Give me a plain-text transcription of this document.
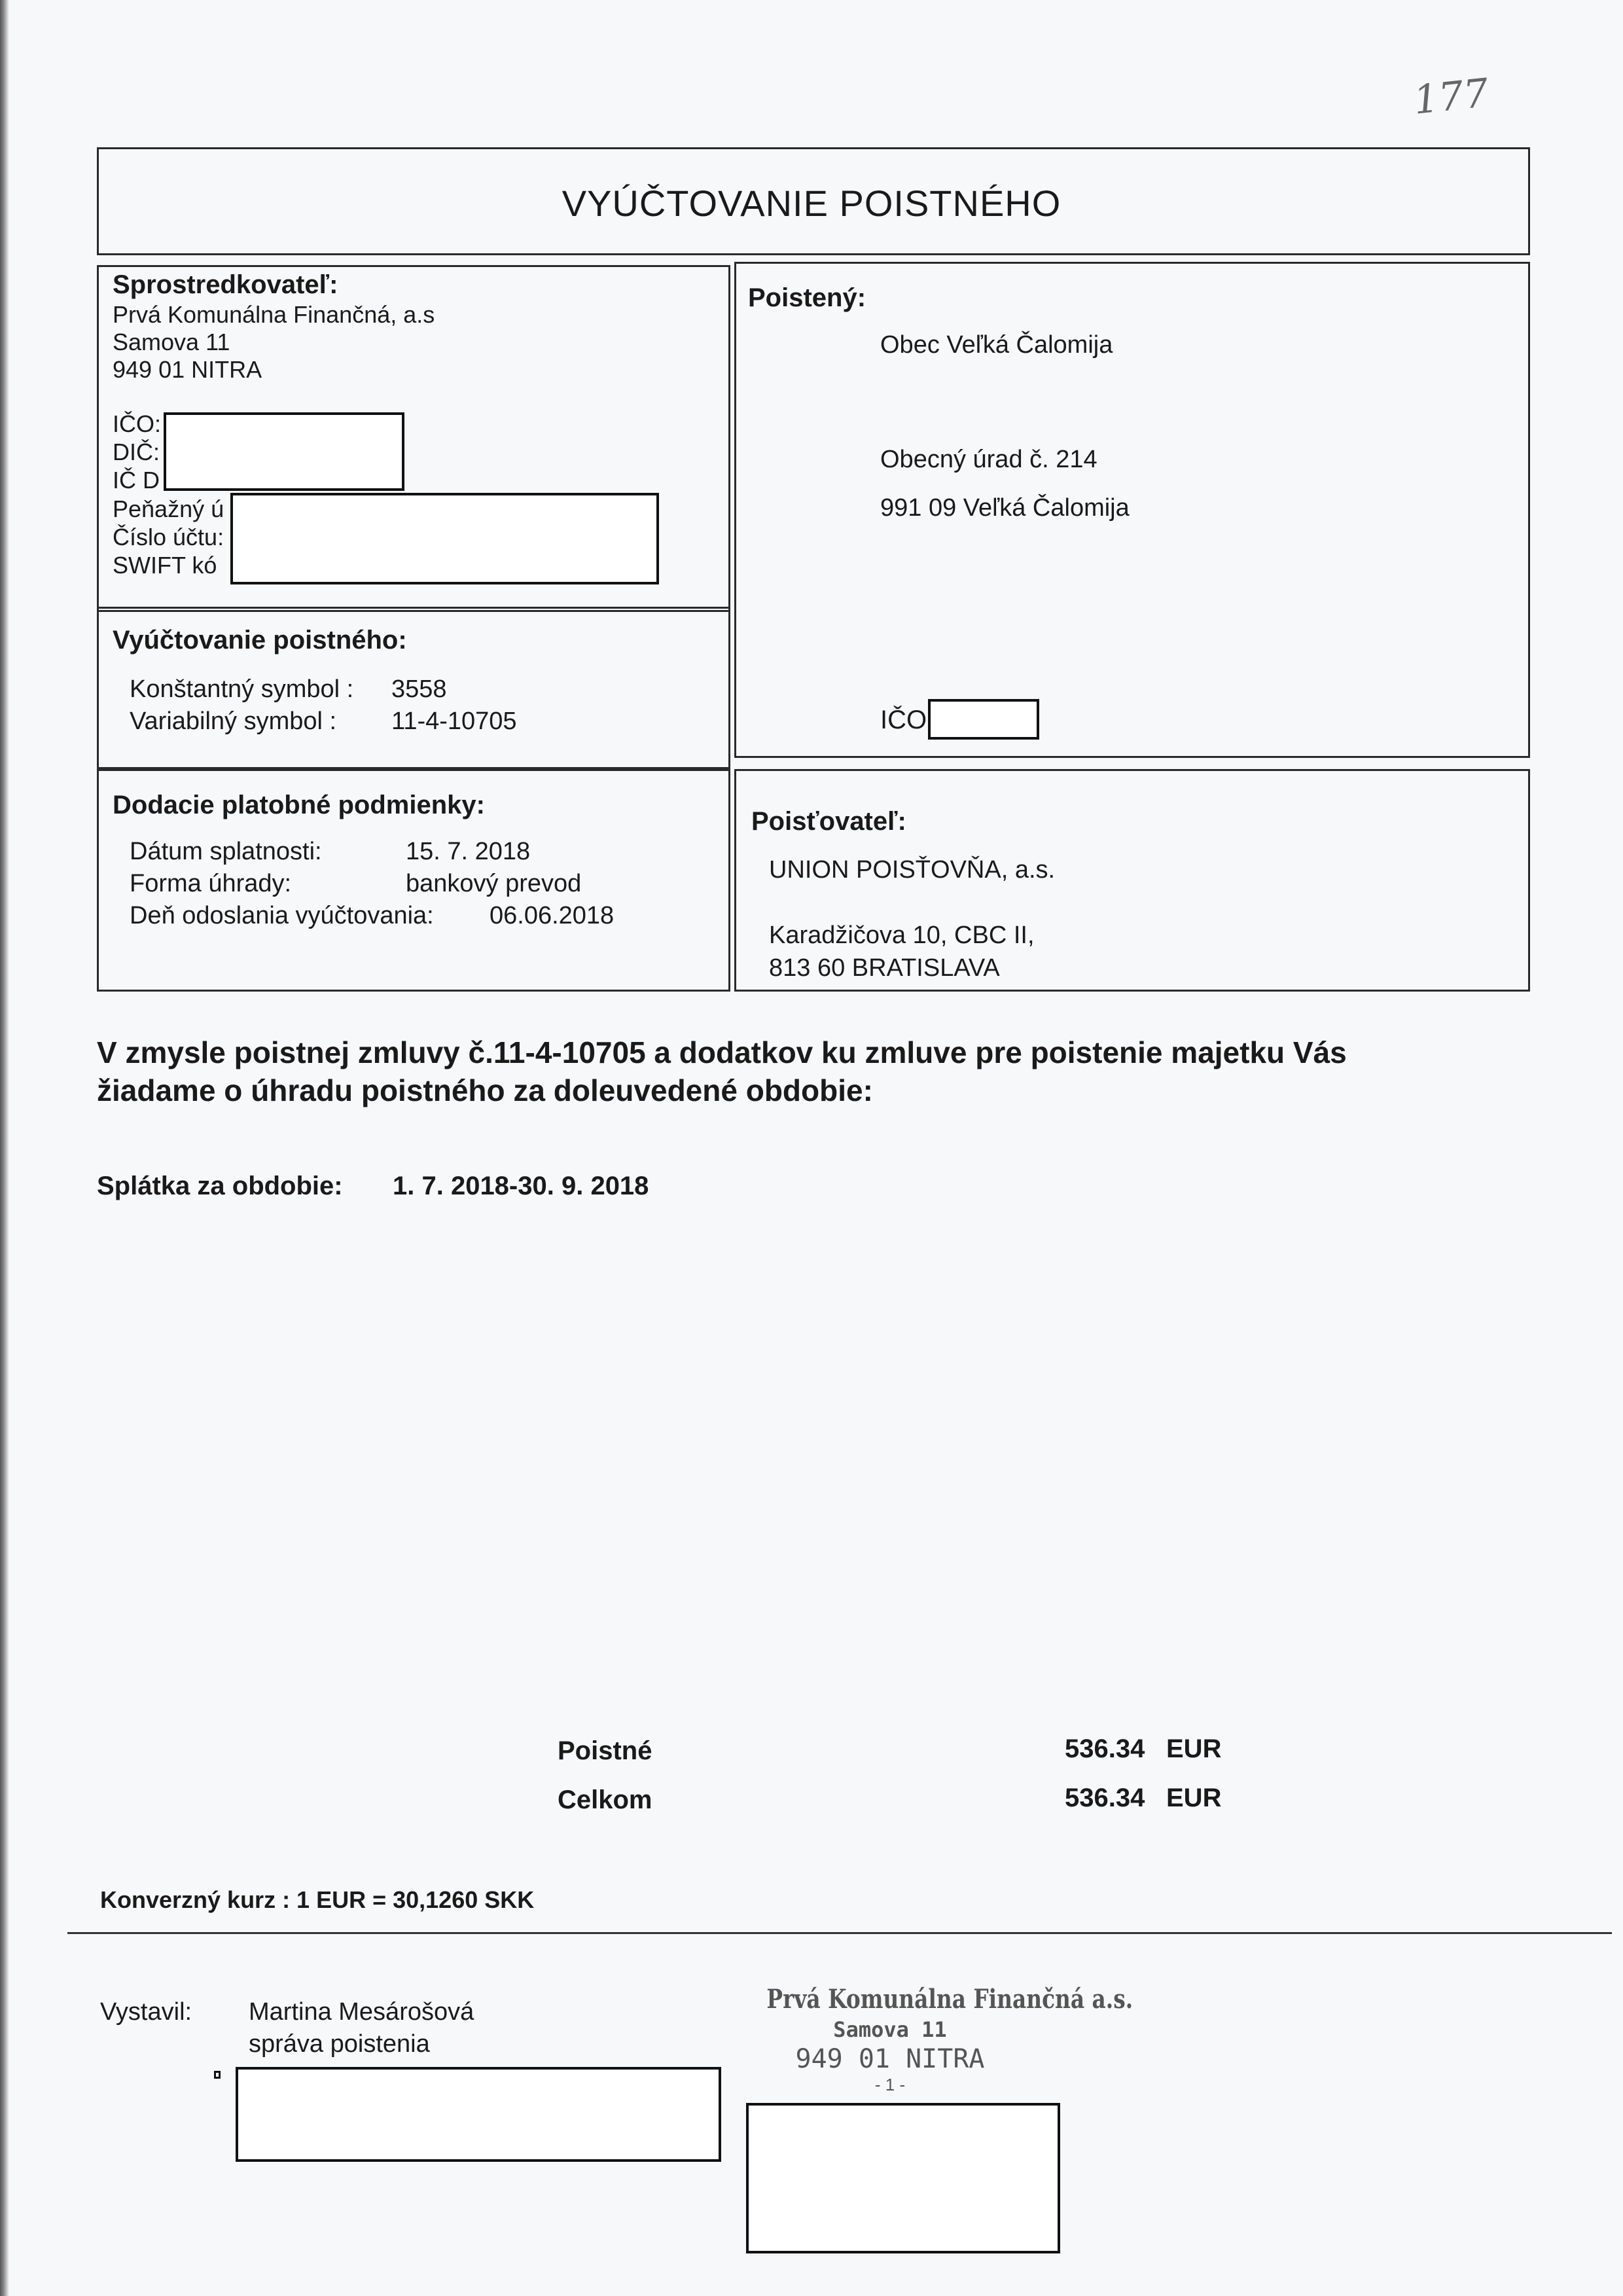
177
VYÚČTOVANIE POISTNÉHO
Sprostredkovateľ:
Prvá Komunálna Finančná, a.s
Samova 11
949 01 NITRA
IČO:
DIČ:
IČ D
Peňažný ú
Číslo účtu:
SWIFT kó
Poistený:
Obec Veľká Čalomija
Obecný úrad č. 214
991 09 Veľká Čalomija
IČO
Vyúčtovanie poistného:
Konštantný symbol : 3558
Variabilný symbol : 11-4-10705
Dodacie platobné podmienky:
Dátum splatnosti:	15. 7. 2018
Forma úhrady:	bankový prevod
Deň odoslania vyúčtovania: 06.06.2018
Poisťovateľ:
UNION POISŤOVŇA, a.s.
Karadžičova 10, CBC II,
813 60 BRATISLAVA
V zmysle poistnej zmluvy č.11-4-10705 a dodatkov ku zmluve pre poistenie majetku Vás
žiadame o úhradu poistného za doleuvedené obdobie:
Splátka za obdobie: 1. 7. 2018-30. 9. 2018
Poistné	536.34 EUR
Celkom	536.34 EUR
Konverzný kurz : 1 EUR = 30,1260 SKK
Vystavil: Martina Mesárošová
správa poistenia
Prvá Komunálna Finančná a.s.
Samova 11
949 01 NITRA
- 1 -
